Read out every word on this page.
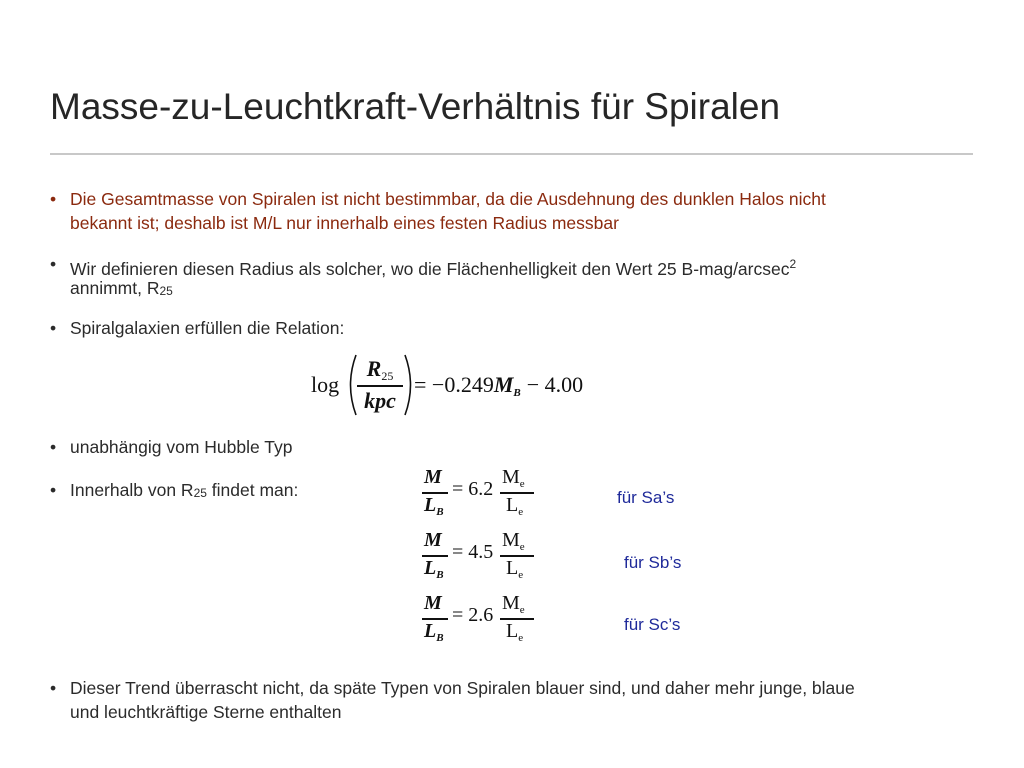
Masse-zu-Leuchtkraft-Verhältnis für Spiralen
• Die Gesamtmasse von Spiralen ist nicht bestimmbar, da die Ausdehnung des dunklen Halos nicht
bekannt ist; deshalb ist M/L nur innerhalb eines festen Radius messbar
• Wir definieren diesen Radius als solcher, wo die Flächenhelligkeit den Wert 25 B-mag/arcsec$^2$
annimmt, R25
• Spiralgalaxien erfüllen die Relation:
log
R25
kpc
= −0.249MB − 4.00
• unabhängig vom Hubble Typ
• Innerhalb von R25 findet man:
M
$L_B$
= 6.2
$M_e$
$L_e$
für Sa’s
M
$L_B$
= 4.5
$M_e$
$L_e$
für Sb’s
M
$L_B$
= 2.6
$M_e$
$L_e$
für Sc’s
• Dieser Trend überrascht nicht, da späte Typen von Spiralen blauer sind, und daher mehr junge, blaue
und leuchtkräftige Sterne enthalten
